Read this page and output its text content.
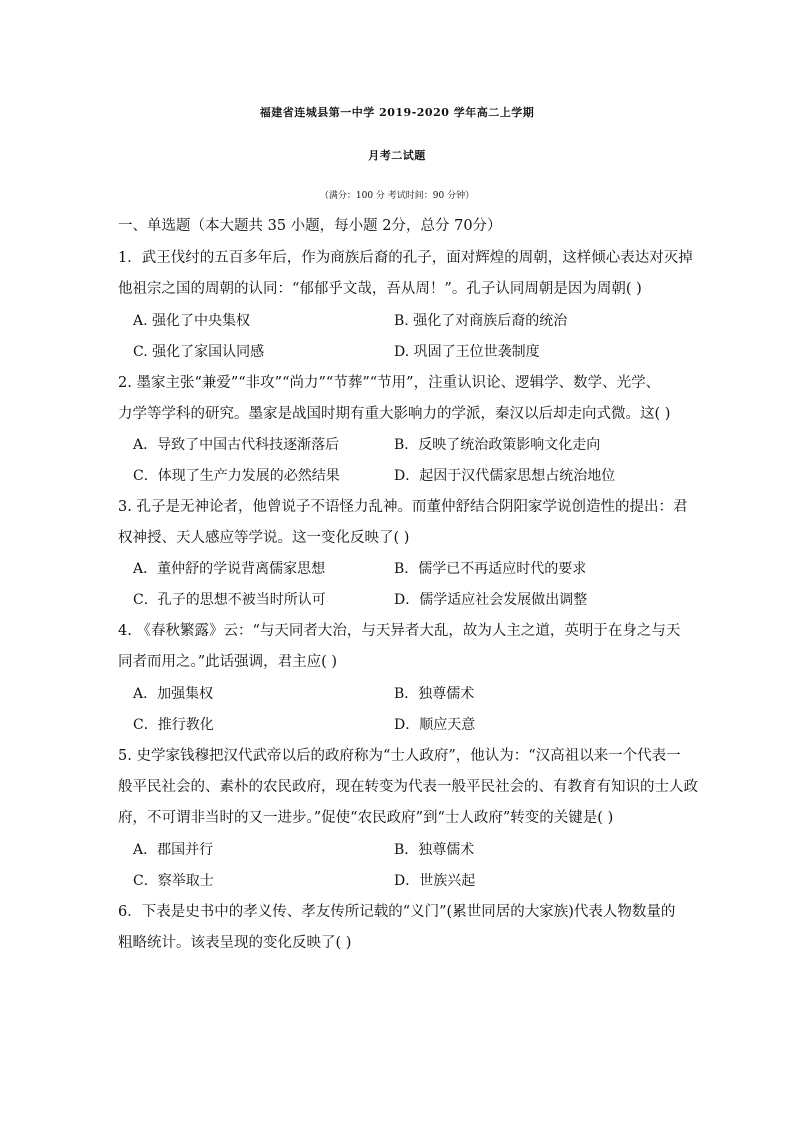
福建省连城县第一中学 2019-2020 学年高二上学期
月考二试题
（满分：100 分 考试时间：90 分钟）
一、单选题（本大题共 35 小题，每小题 2分，总分 70分）
1．武王伐纣的五百多年后，作为商族后裔的孔子，面对辉煌的周朝，这样倾心表达对灭掉
他祖宗之国的周朝的认同：“郁郁乎文哉，吾从周！”。孔子认同周朝是因为周朝( )
A. 强化了中央集权	B. 强化了对商族后裔的统治
C. 强化了家国认同感	D. 巩固了王位世袭制度
2. 墨家主张“兼爱”“非攻”“尚力”“节葬”“节用”，注重认识论、逻辑学、数学、光学、
力学等学科的研究。墨家是战国时期有重大影响力的学派，秦汉以后却走向式微。这( )
A．导致了中国古代科技逐渐落后	B．反映了统治政策影响文化走向
C．体现了生产力发展的必然结果	D．起因于汉代儒家思想占统治地位
3. 孔子是无神论者，他曾说子不语怪力乱神。而董仲舒结合阴阳家学说创造性的提出：君
权神授、天人感应等学说。这一变化反映了( )
A．董仲舒的学说背离儒家思想	B．儒学已不再适应时代的要求
C．孔子的思想不被当时所认可	D．儒学适应社会发展做出调整
4. 《春秋繁露》云：“与天同者大治，与天异者大乱，故为人主之道，英明于在身之与天
同者而用之。”此话强调，君主应( )
A．加强集权	B．独尊儒术
C．推行教化	D．顺应天意
5. 史学家钱穆把汉代武帝以后的政府称为“士人政府”，他认为：“汉高祖以来一个代表一
般平民社会的、素朴的农民政府，现在转变为代表一般平民社会的、有教育有知识的士人政
府，不可谓非当时的又一进步。”促使“农民政府”到“士人政府”转变的关键是( )
A．郡国并行	B．独尊儒术
C．察举取士	D．世族兴起
6．下表是史书中的孝义传、孝友传所记载的“义门”(累世同居的大家族)代表人物数量的
粗略统计。该表呈现的变化反映了( )
